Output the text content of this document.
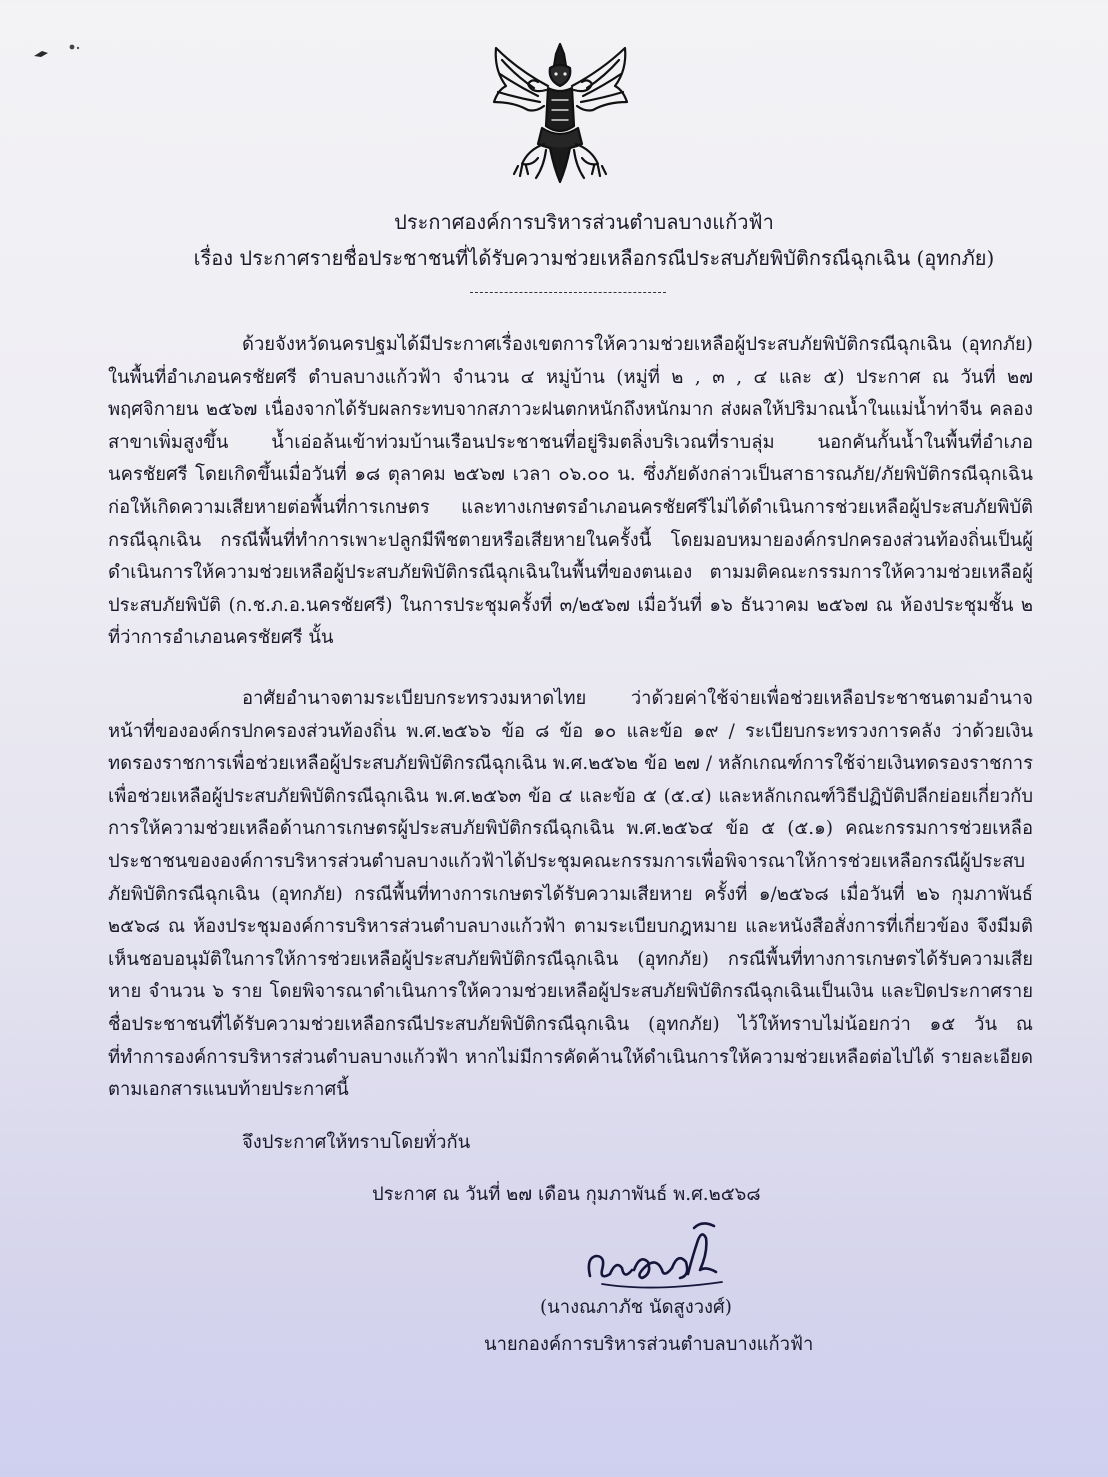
ประกาศองค์การบริหารส่วนตำบลบางแก้วฟ้า
เรื่อง ประกาศรายชื่อประชาชนที่ได้รับความช่วยเหลือกรณีประสบภัยพิบัติกรณีฉุกเฉิน (อุทกภัย)

ด้วยจังหวัดนครปฐมได้มีประกาศเรื่องเขตการให้ความช่วยเหลือผู้ประสบภัยพิบัติกรณีฉุกเฉิน (อุทกภัย) ในพื้นที่อำเภอนครชัยศรี ตำบลบางแก้วฟ้า จำนวน ๔ หมู่บ้าน (หมู่ที่ ๒ , ๓ , ๔ และ ๕) ประกาศ ณ วันที่ ๒๗ พฤศจิกายน ๒๕๖๗ เนื่องจากได้รับผลกระทบจากสภาวะฝนตกหนักถึงหนักมาก ส่งผลให้ปริมาณน้ำในแม่น้ำท่าจีน คลองสาขาเพิ่มสูงขึ้น น้ำเอ่อล้นเข้าท่วมบ้านเรือนประชาชนที่อยู่ริมตลิ่งบริเวณที่ราบลุ่ม นอกคันกั้นน้ำในพื้นที่อำเภอนครชัยศรี โดยเกิดขึ้นเมื่อวันที่ ๑๘ ตุลาคม ๒๕๖๗ เวลา ๐๖.๐๐ น. ซึ่งภัยดังกล่าวเป็นสาธารณภัย/ภัยพิบัติกรณีฉุกเฉินก่อให้เกิดความเสียหายต่อพื้นที่การเกษตร และทางเกษตรอำเภอนครชัยศรีไม่ได้ดำเนินการช่วยเหลือผู้ประสบภัยพิบัติกรณีฉุกเฉิน กรณีพื้นที่ทำการเพาะปลูกมีพืชตายหรือเสียหายในครั้งนี้ โดยมอบหมายองค์กรปกครองส่วนท้องถิ่นเป็นผู้ดำเนินการให้ความช่วยเหลือผู้ประสบภัยพิบัติกรณีฉุกเฉินในพื้นที่ของตนเอง ตามมติคณะกรรมการให้ความช่วยเหลือผู้ประสบภัยพิบัติ (ก.ช.ภ.อ.นครชัยศรี) ในการประชุมครั้งที่ ๓/๒๕๖๗ เมื่อวันที่ ๑๖ ธันวาคม ๒๕๖๗ ณ ห้องประชุมชั้น ๒ ที่ว่าการอำเภอนครชัยศรี นั้น

อาศัยอำนาจตามระเบียบกระทรวงมหาดไทย ว่าด้วยค่าใช้จ่ายเพื่อช่วยเหลือประชาชนตามอำนาจหน้าที่ขององค์กรปกครองส่วนท้องถิ่น พ.ศ.๒๕๖๖ ข้อ ๘ ข้อ ๑๐ และข้อ ๑๙ / ระเบียบกระทรวงการคลัง ว่าด้วยเงินทดรองราชการเพื่อช่วยเหลือผู้ประสบภัยพิบัติกรณีฉุกเฉิน พ.ศ.๒๕๖๒ ข้อ ๒๗ / หลักเกณฑ์การใช้จ่ายเงินทดรองราชการเพื่อช่วยเหลือผู้ประสบภัยพิบัติกรณีฉุกเฉิน พ.ศ.๒๕๖๓ ข้อ ๔ และข้อ ๕ (๕.๔) และหลักเกณฑ์วิธีปฏิบัติปลีกย่อยเกี่ยวกับการให้ความช่วยเหลือด้านการเกษตรผู้ประสบภัยพิบัติกรณีฉุกเฉิน พ.ศ.๒๕๖๔ ข้อ ๕ (๕.๑) คณะกรรมการช่วยเหลือประชาชนขององค์การบริหารส่วนตำบลบางแก้วฟ้าได้ประชุมคณะกรรมการเพื่อพิจารณาให้การช่วยเหลือกรณีผู้ประสบภัยพิบัติกรณีฉุกเฉิน (อุทกภัย) กรณีพื้นที่ทางการเกษตรได้รับความเสียหาย ครั้งที่ ๑/๒๕๖๘ เมื่อวันที่ ๒๖ กุมภาพันธ์ ๒๕๖๘ ณ ห้องประชุมองค์การบริหารส่วนตำบลบางแก้วฟ้า ตามระเบียบกฎหมาย และหนังสือสั่งการที่เกี่ยวข้อง จึงมีมติเห็นชอบอนุมัติในการให้การช่วยเหลือผู้ประสบภัยพิบัติกรณีฉุกเฉิน (อุทกภัย) กรณีพื้นที่ทางการเกษตรได้รับความเสียหาย จำนวน ๖ ราย โดยพิจารณาดำเนินการให้ความช่วยเหลือผู้ประสบภัยพิบัติกรณีฉุกเฉินเป็นเงิน และปิดประกาศรายชื่อประชาชนที่ได้รับความช่วยเหลือกรณีประสบภัยพิบัติกรณีฉุกเฉิน (อุทกภัย) ไว้ให้ทราบไม่น้อยกว่า ๑๕ วัน ณ ที่ทำการองค์การบริหารส่วนตำบลบางแก้วฟ้า หากไม่มีการคัดค้านให้ดำเนินการให้ความช่วยเหลือต่อไปได้ รายละเอียดตามเอกสารแนบท้ายประกาศนี้

จึงประกาศให้ทราบโดยทั่วกัน
ประกาศ ณ วันที่ ๒๗ เดือน กุมภาพันธ์ พ.ศ.๒๕๖๘
(นางณภาภัช นัดสูงวงศ์)
นายกองค์การบริหารส่วนตำบลบางแก้วฟ้า
